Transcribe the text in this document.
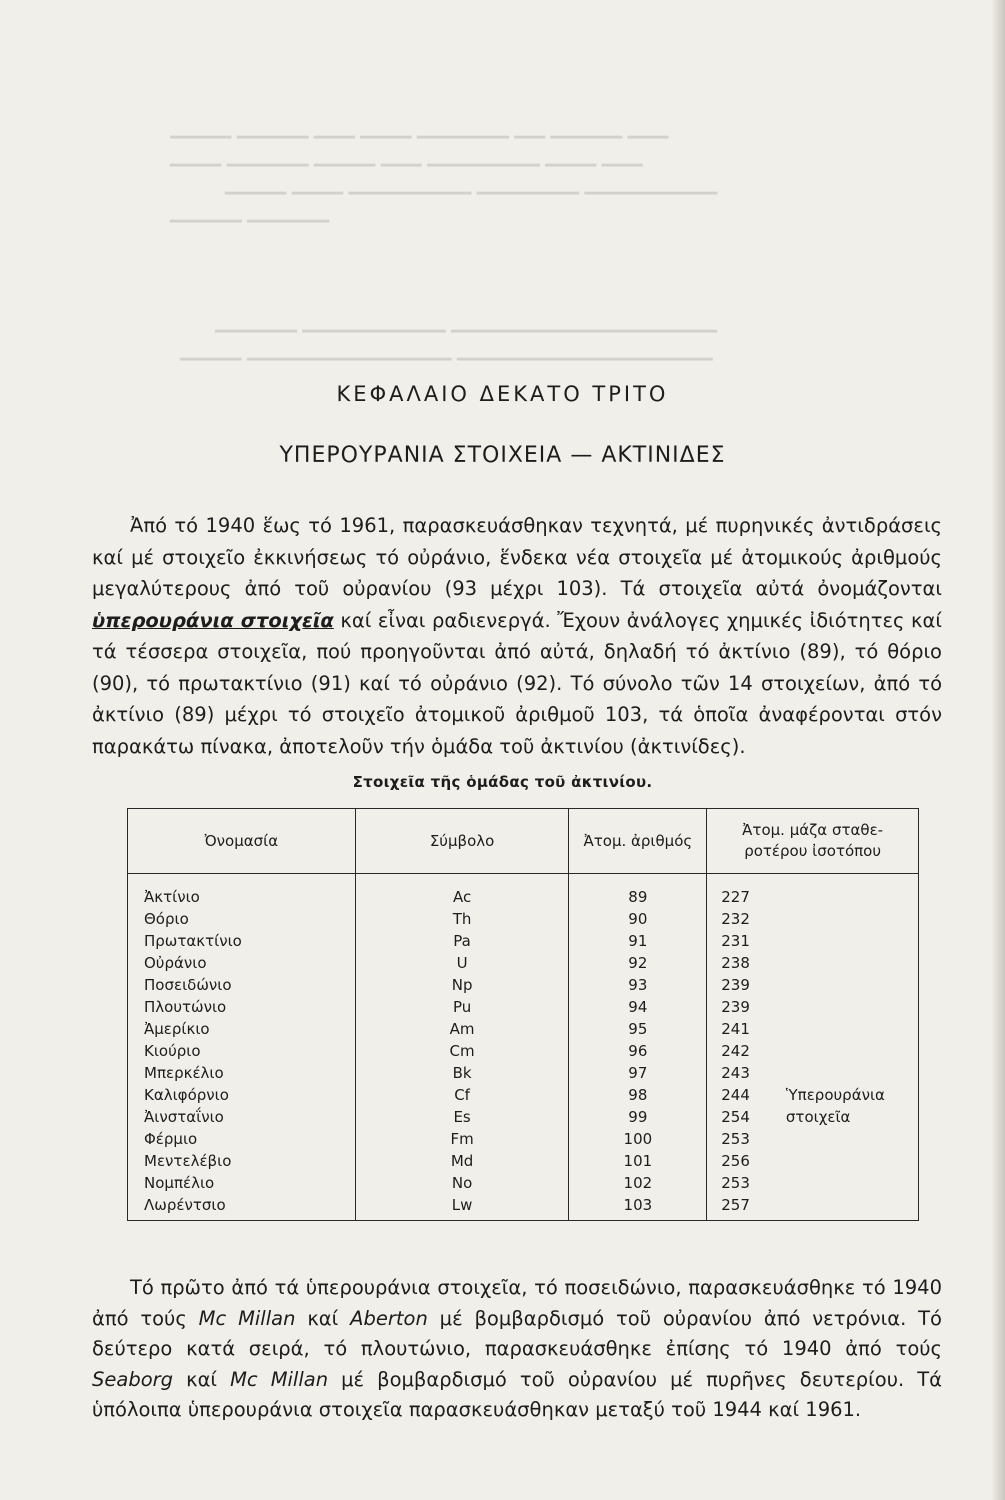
━━━━━━ ━━━━━━━ ━━━━ ━━━━━ ━━━━━━━━━ ━━━ ━━━━━━━ ━━━━
━━━━━ ━━━━━━━━ ━━━━━━ ━━━━ ━━━━━━━━━━━ ━━━━━ ━━━━
━━━━━━ ━━━━━ ━━━━━━━━━━━━ ━━━━━━━━━━ ━━━━━━━━━━━━━
━━━━━━━ ━━━━━━━━
━━━━━━━━ ━━━━━━━━━━━━━━ ━━━━━━━━━━━━━━━━━━━━━━━━━━
━━━━━━ ━━━━━━━━━━━━━━━━━━━━ ━━━━━━━━━━━━━━━━━━━━━━━━━
ΚΕΦΑΛΑΙΟ ΔΕΚΑΤΟ ΤΡΙΤΟ
ΥΠΕΡΟΥΡΑΝΙΑ ΣΤΟΙΧΕΙΑ — ΑΚΤΙΝΙΔΕΣ
Ἀπό τό 1940 ἕως τό 1961, παρασκευάσθηκαν τεχνητά, μέ πυρηνικές ἀντιδράσεις καί μέ στοιχεῖο ἐκκινήσεως τό οὐράνιο, ἕνδεκα νέα στοιχεῖα μέ ἀτομικούς ἀριθμούς μεγαλύτερους ἀπό τοῦ οὐρανίου (93 μέχρι 103). Τά στοιχεῖα αὐτά ὀνομάζονται ὑπερουράνια στοιχεῖα καί εἶναι ραδιενεργά. Ἔχουν ἀνάλογες χημικές ἰδιότητες καί τά τέσσερα στοιχεῖα, πού προηγοῦνται ἀπό αὐτά, δηλαδή τό ἀκτίνιο (89), τό θόριο (90), τό πρωτακτίνιο (91) καί τό οὐράνιο (92). Τό σύνολο τῶν 14 στοιχείων, ἀπό τό ἀκτίνιο (89) μέχρι τό στοιχεῖο ἀτομικοῦ ἀριθμοῦ 103, τά ὁποῖα ἀναφέρονται στόν παρακάτω πίνακα, ἀποτελοῦν τήν ὁμάδα τοῦ ἀκτινίου (ἀκτινίδες).
Στοιχεῖα τῆς ὁμάδας τοῦ ἀκτινίου.
Ὀνομασία	Σύμβολο	Ἀτομ. ἀριθμός	Ἀτομ. μάζα σταθε-
ροτέρου ἰσοτόπου

Ἀκτίνιο	Ac	89	227
Θόριο	Th	90	232
Πρωτακτίνιο	Pa	91	231
Οὐράνιο	U	92	238
Ποσειδώνιο	Np	93	239
Πλουτώνιο	Pu	94	239
Ἀμερίκιο	Am	95	241
Κιούριο	Cm	96	242
Μπερκέλιο	Bk	97	243
Καλιφόρνιο	Cf	98	244 Ὑπερουράνια

Ἀινσταΐνιο	Es	99	254 στοιχεῖα

Φέρμιο	Fm	100	253
Μεντελέβιο	Md	101	256
Νομπέλιο	No	102	253
Λωρέντσιο	Lw	103	257
Τό πρῶτο ἀπό τά ὑπερουράνια στοιχεῖα, τό ποσειδώνιο, παρασκευάσθηκε τό 1940 ἀπό τούς Mc Millan καί Aberton μέ βομβαρδισμό τοῦ οὐρανίου ἀπό νετρόνια. Τό δεύτερο κατά σειρά, τό πλουτώνιο, παρασκευάσθηκε ἐπίσης τό 1940 ἀπό τούς Seaborg καί Mc Millan μέ βομβαρδισμό τοῦ οὐρανίου μέ πυρῆνες δευτερίου. Τά ὑπόλοιπα ὑπερουράνια στοιχεῖα παρασκευάσθηκαν μεταξύ τοῦ 1944 καί 1961.
